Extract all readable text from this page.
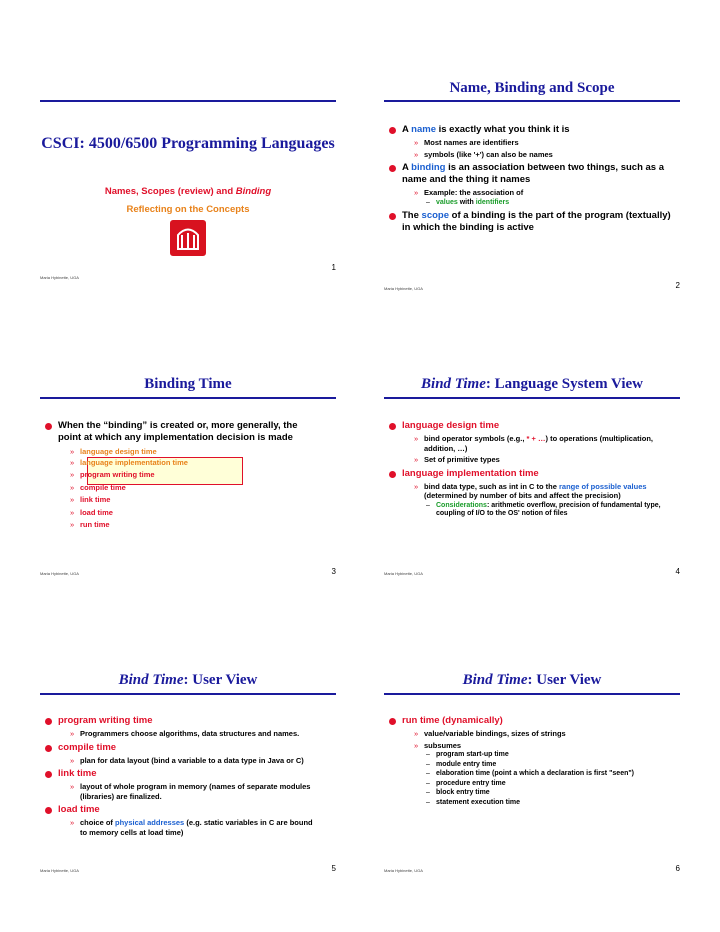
CSCI: 4500/6500 Programming Languages
Names, Scopes (review) and Binding
Reflecting on the Concepts
1
Maria Hybinette, UGA
Name, Binding and Scope
A name is exactly what you think it is
» Most names are identifiers
» symbols (like '+') can also be names
A binding is an association between two things, such as a name and the thing it names
» Example: the association of
– values with identifiers
The scope of a binding is the part of the program (textually) in which the binding is active
2
Maria Hybinette, UGA
Binding Time
When the “binding” is created or, more generally, the point at which any implementation decision is made
» language design time
» language implementation time
» program writing time
» compile time
» link time
» load time
» run time
3
Maria Hybinette, UGA
Bind Time: Language System View
language design time
» bind operator symbols (e.g., * + …) to operations (multiplication, addition, …)
» Set of primitive types
language implementation time
» bind data type, such as int in C to the range of possible values (determined by number of bits and affect the precision)
– Considerations: arithmetic overflow, precision of fundamental type, coupling of I/O to the OS' notion of files
4
Maria Hybinette, UGA
Bind Time: User View
program writing time
» Programmers choose algorithms, data structures and names.
compile time
» plan for data layout (bind a variable to a data type in Java or C)
link time
» layout of whole program in memory (names of separate modules (libraries) are finalized.
load time
» choice of physical addresses (e.g. static variables in C are bound to memory cells at load time)
5
Maria Hybinette, UGA
Bind Time: User View
run time (dynamically)
» value/variable bindings, sizes of strings
» subsumes
– program start-up time
– module entry time
– elaboration time (point a which a declaration is first "seen")
– procedure entry time
– block entry time
– statement execution time
6
Maria Hybinette, UGA
